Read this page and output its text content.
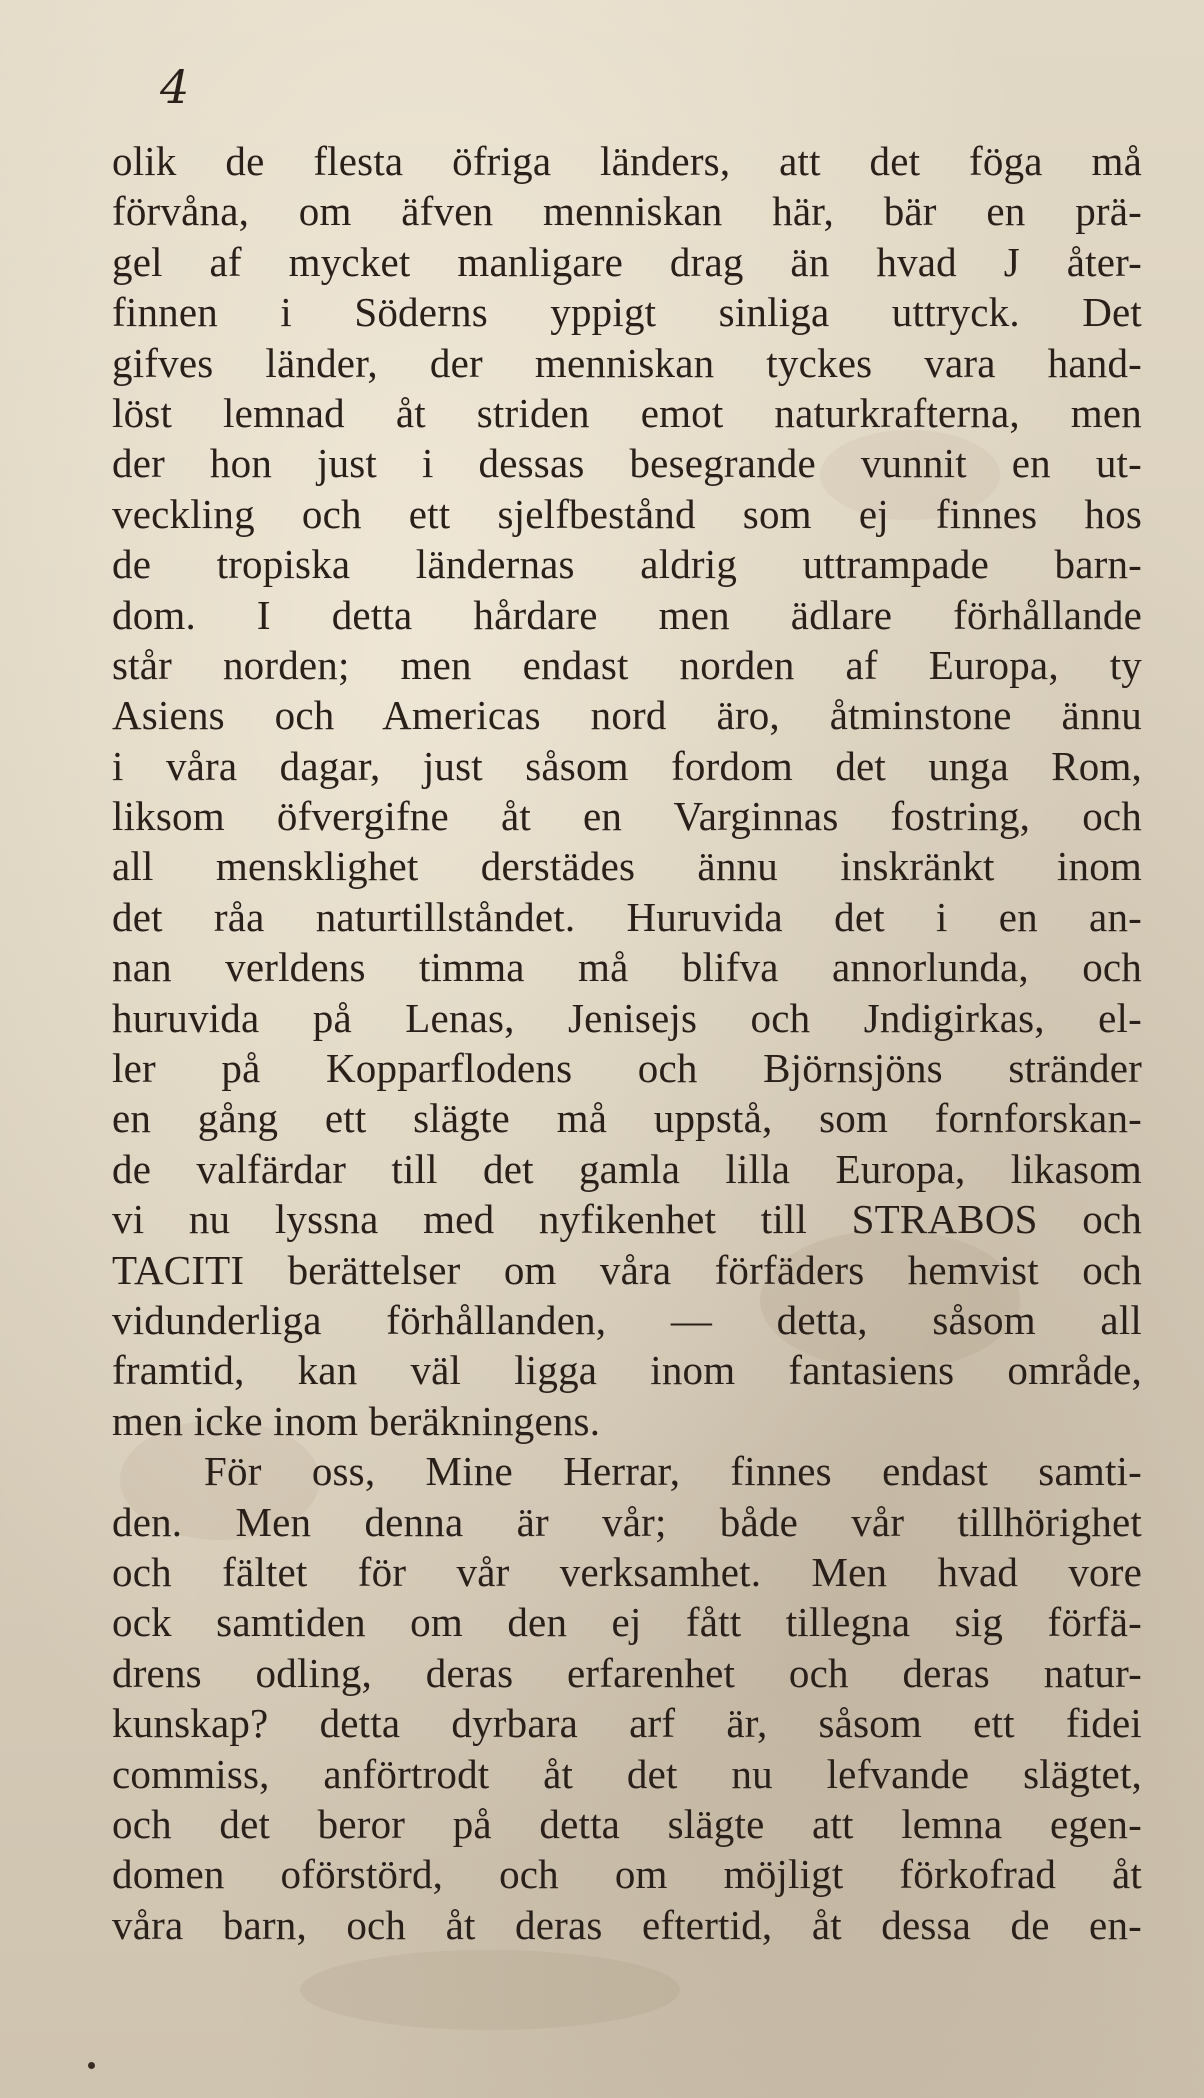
4
olik de flesta öfriga länders, att det föga må
förvåna, om äfven menniskan här, bär en prä-
gel af mycket manligare drag än hvad J åter-
finnen i Söderns yppigt sinliga uttryck. Det
gifves länder, der menniskan tyckes vara hand-
löst lemnad åt striden emot naturkrafterna, men
der hon just i dessas besegrande vunnit en ut-
veckling och ett sjelfbestånd som ej finnes hos
de tropiska ländernas aldrig uttrampade barn-
dom. I detta hårdare men ädlare förhållande
står norden; men endast norden af Europa, ty
Asiens och Americas nord äro, åtminstone ännu
i våra dagar, just såsom fordom det unga Rom,
liksom öfvergifne åt en Varginnas fostring, och
all mensklighet derstädes ännu inskränkt inom
det råa naturtillståndet. Huruvida det i en an-
nan verldens timma må blifva annorlunda, och
huruvida på Lenas, Jenisejs och Jndigirkas, el-
ler på Kopparflodens och Björnsjöns stränder
en gång ett slägte må uppstå, som fornforskan-
de valfärdar till det gamla lilla Europa, likasom
vi nu lyssna med nyfikenhet till STRABOS och
TACITI berättelser om våra förfäders hemvist och
vidunderliga förhållanden, — detta, såsom all
framtid, kan väl ligga inom fantasiens område,
men icke inom beräkningens.
För oss, Mine Herrar, finnes endast samti-
den. Men denna är vår; både vår tillhörighet
och fältet för vår verksamhet. Men hvad vore
ock samtiden om den ej fått tillegna sig förfä-
drens odling, deras erfarenhet och deras natur-
kunskap? detta dyrbara arf är, såsom ett fidei
commiss, anförtrodt åt det nu lefvande slägtet,
och det beror på detta slägte att lemna egen-
domen oförstörd, och om möjligt förkofrad åt
våra barn, och åt deras eftertid, åt dessa de en-
